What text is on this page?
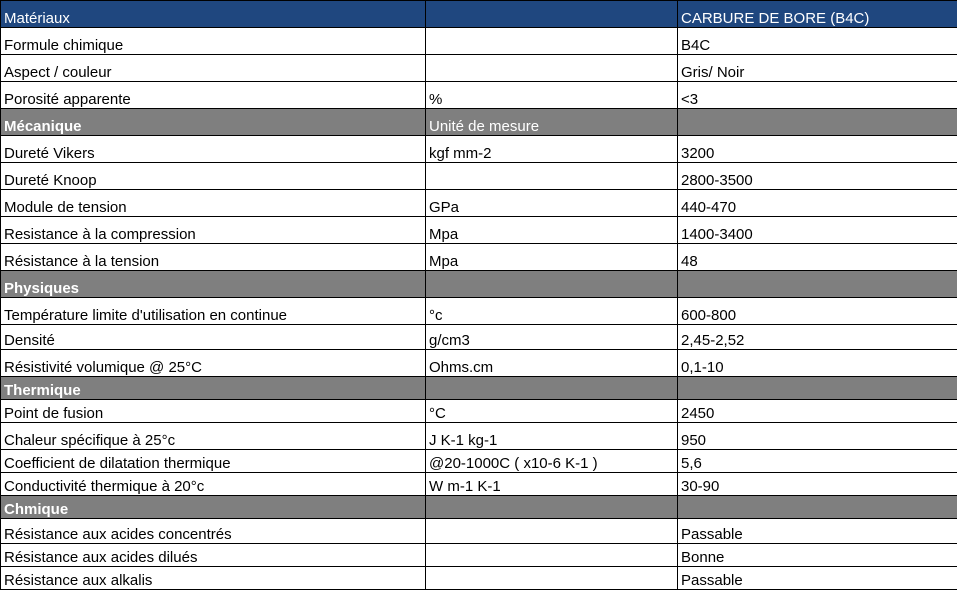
Matériaux		CARBURE DE BORE (B4C)
Formule chimique		B4C
Aspect / couleur		Gris/ Noir
Porosité apparente	%	<3
Mécanique	Unité de mesure	
Dureté Vikers	kgf mm-2	3200
Dureté Knoop		2800-3500
Module de tension	GPa	440-470
Resistance à la compression	Mpa	1400-3400
Résistance à la tension	Mpa	48
Physiques		
Température limite d'utilisation en continue	°c	600-800
Densité	g/cm3	2,45-2,52
Résistivité volumique @ 25°C	Ohms.cm	0,1-10
Thermique		
Point de fusion	°C	2450
Chaleur spécifique à 25°c	J K-1 kg-1	950
Coefficient de dilatation thermique	@20-1000C ( x10-6 K-1 )	5,6
Conductivité thermique à 20°c	W m-1 K-1	30-90
Chmique		
Résistance aux acides concentrés		Passable
Résistance aux acides dilués		Bonne
Résistance aux alkalis		Passable
